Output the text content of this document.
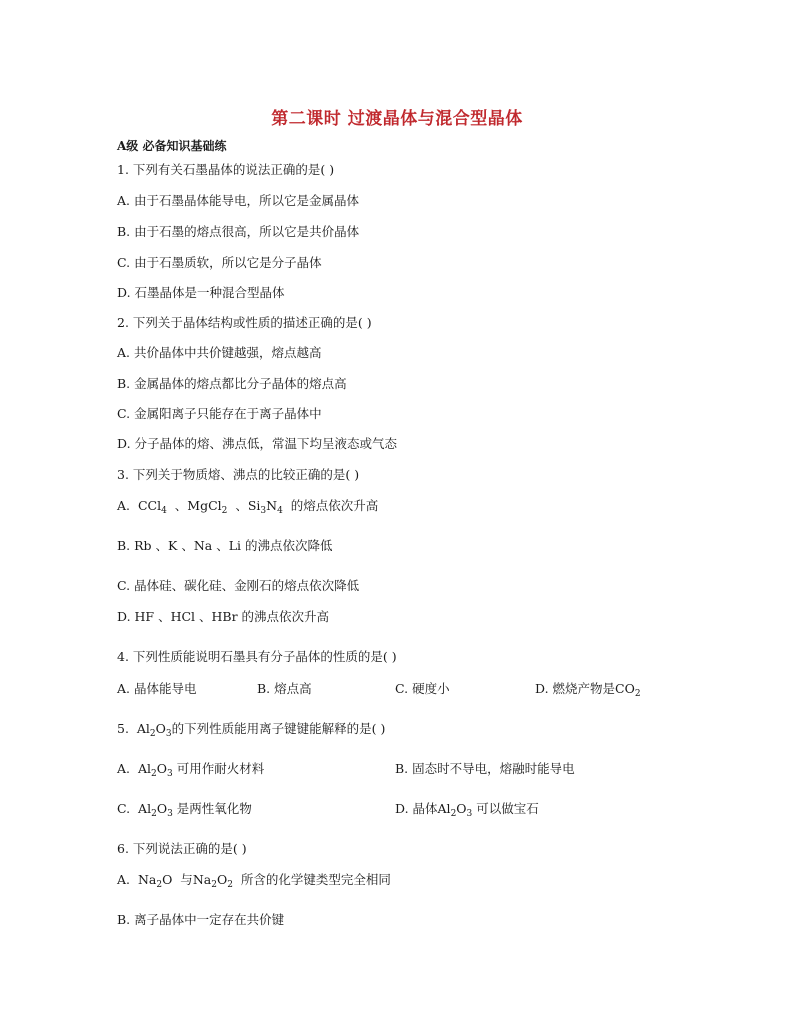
第二课时 过渡晶体与混合型晶体
A级 必备知识基础练
1. 下列有关石墨晶体的说法正确的是( )
A. 由于石墨晶体能导电，所以它是金属晶体
B. 由于石墨的熔点很高，所以它是共价晶体
C. 由于石墨质软，所以它是分子晶体
D. 石墨晶体是一种混合型晶体
2. 下列关于晶体结构或性质的描述正确的是( )
A. 共价晶体中共价键越强，熔点越高
B. 金属晶体的熔点都比分子晶体的熔点高
C. 金属阳离子只能存在于离子晶体中
D. 分子晶体的熔、沸点低，常温下均呈液态或气态
3. 下列关于物质熔、沸点的比较正确的是( )
A. CCl$_4$  、MgCl$_2$  、$Si_3N_4$ 的熔点依次升高
B. Rb 、K 、Na 、Li 的沸点依次降低
C. 晶体硅、碳化硅、金刚石的熔点依次降低
D. HF 、HCl 、HBr 的沸点依次升高
4. 下列性质能说明石墨具有分子晶体的性质的是( )
A. 晶体能导电	B. 熔点高	C. 硬度小	D. 燃烧产物是$CO_2$
5. $Al_2O_3$的下列性质能用离子键键能解释的是( )
A. $Al_2O_3$ 可用作耐火材料	B. 固态时不导电，熔融时能导电
C. $Al_2O_3$ 是两性氧化物	D. 晶体$Al_2O_3$ 可以做宝石
6. 下列说法正确的是( )
A. $Na_2O$ 与$Na_2O_2$ 所含的化学键类型完全相同
B. 离子晶体中一定存在共价键
